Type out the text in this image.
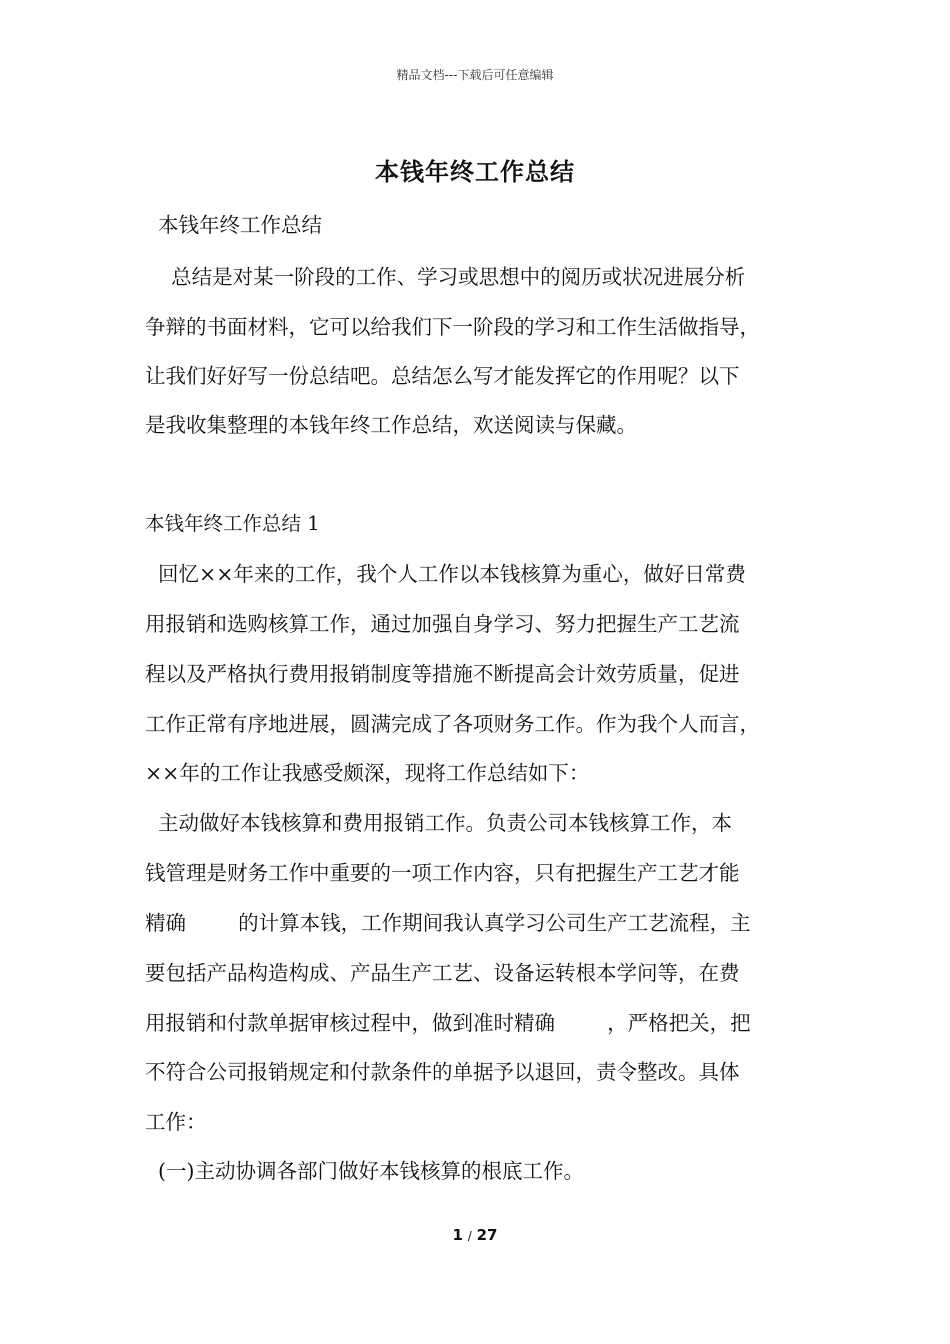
精品文档---下载后可任意编辑
本钱年终工作总结
本钱年终工作总结
总结是对某一阶段的工作、学习或思想中的阅历或状况进展分析
争辩的书面材料，它可以给我们下一阶段的学习和工作生活做指导，
让我们好好写一份总结吧。总结怎么写才能发挥它的作用呢？以下
是我收集整理的本钱年终工作总结，欢送阅读与保藏。
本钱年终工作总结 1
回忆××年来的工作，我个人工作以本钱核算为重心，做好日常费
用报销和选购核算工作，通过加强自身学习、努力把握生产工艺流
程以及严格执行费用报销制度等措施不断提高会计效劳质量，促进
工作正常有序地进展，圆满完成了各项财务工作。作为我个人而言，
××年的工作让我感受颇深，现将工作总结如下：
主动做好本钱核算和费用报销工作。负责公司本钱核算工作，本
钱管理是财务工作中重要的一项工作内容，只有把握生产工艺才能
精确        的计算本钱，工作期间我认真学习公司生产工艺流程，主
要包括产品构造构成、产品生产工艺、设备运转根本学问等，在费
用报销和付款单据审核过程中，做到准时精确        ，严格把关，把
不符合公司报销规定和付款条件的单据予以退回，责令整改。具体
工作：
(一)主动协调各部门做好本钱核算的根底工作。
1 / 27
